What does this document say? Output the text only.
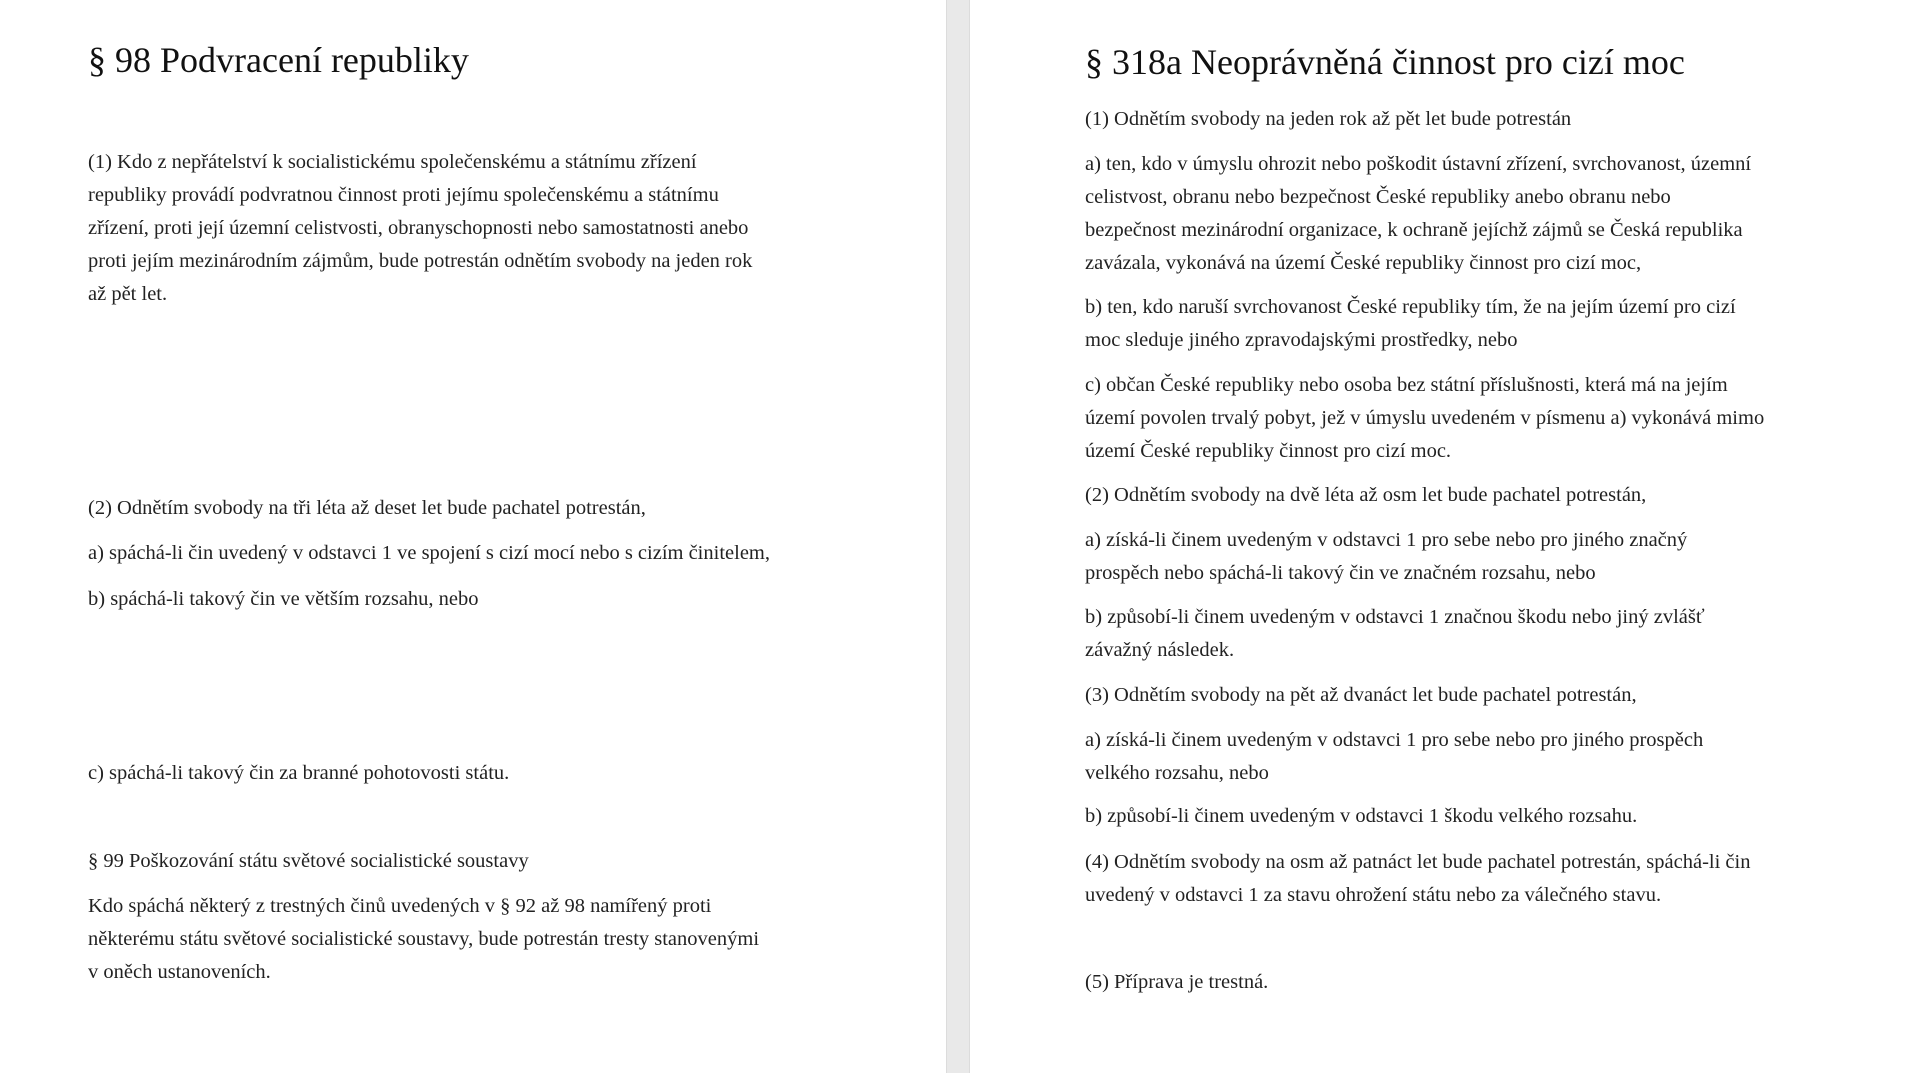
§ 98 Podvracení republiky
(1) Kdo z nepřátelství k socialistickému společenskému a státnímu zřízení
republiky provádí podvratnou činnost proti jejímu společenskému a státnímu
zřízení, proti její územní celistvosti, obranyschopnosti nebo samostatnosti anebo
proti jejím mezinárodním zájmům, bude potrestán odnětím svobody na jeden rok
až pět let.
(2) Odnětím svobody na tři léta až deset let bude pachatel potrestán,
a) spáchá-li čin uvedený v odstavci 1 ve spojení s cizí mocí nebo s cizím činitelem,
b) spáchá-li takový čin ve větším rozsahu, nebo
c) spáchá-li takový čin za branné pohotovosti státu.
§ 99 Poškozování státu světové socialistické soustavy
Kdo spáchá některý z trestných činů uvedených v § 92 až 98 namířený proti
některému státu světové socialistické soustavy, bude potrestán tresty stanovenými
v oněch ustanoveních.
§ 318a Neoprávněná činnost pro cizí moc
(1) Odnětím svobody na jeden rok až pět let bude potrestán
a) ten, kdo v úmyslu ohrozit nebo poškodit ústavní zřízení, svrchovanost, územní
celistvost, obranu nebo bezpečnost České republiky anebo obranu nebo
bezpečnost mezinárodní organizace, k ochraně jejíchž zájmů se Česká republika
zavázala, vykonává na území České republiky činnost pro cizí moc,
b) ten, kdo naruší svrchovanost České republiky tím, že na jejím území pro cizí
moc sleduje jiného zpravodajskými prostředky, nebo
c) občan České republiky nebo osoba bez státní příslušnosti, která má na jejím
území povolen trvalý pobyt, jež v úmyslu uvedeném v písmenu a) vykonává mimo
území České republiky činnost pro cizí moc.
(2) Odnětím svobody na dvě léta až osm let bude pachatel potrestán,
a) získá-li činem uvedeným v odstavci 1 pro sebe nebo pro jiného značný
prospěch nebo spáchá-li takový čin ve značném rozsahu, nebo
b) způsobí-li činem uvedeným v odstavci 1 značnou škodu nebo jiný zvlášť
závažný následek.
(3) Odnětím svobody na pět až dvanáct let bude pachatel potrestán,
a) získá-li činem uvedeným v odstavci 1 pro sebe nebo pro jiného prospěch
velkého rozsahu, nebo
b) způsobí-li činem uvedeným v odstavci 1 škodu velkého rozsahu.
(4) Odnětím svobody na osm až patnáct let bude pachatel potrestán, spáchá-li čin
uvedený v odstavci 1 za stavu ohrožení státu nebo za válečného stavu.
(5) Příprava je trestná.
